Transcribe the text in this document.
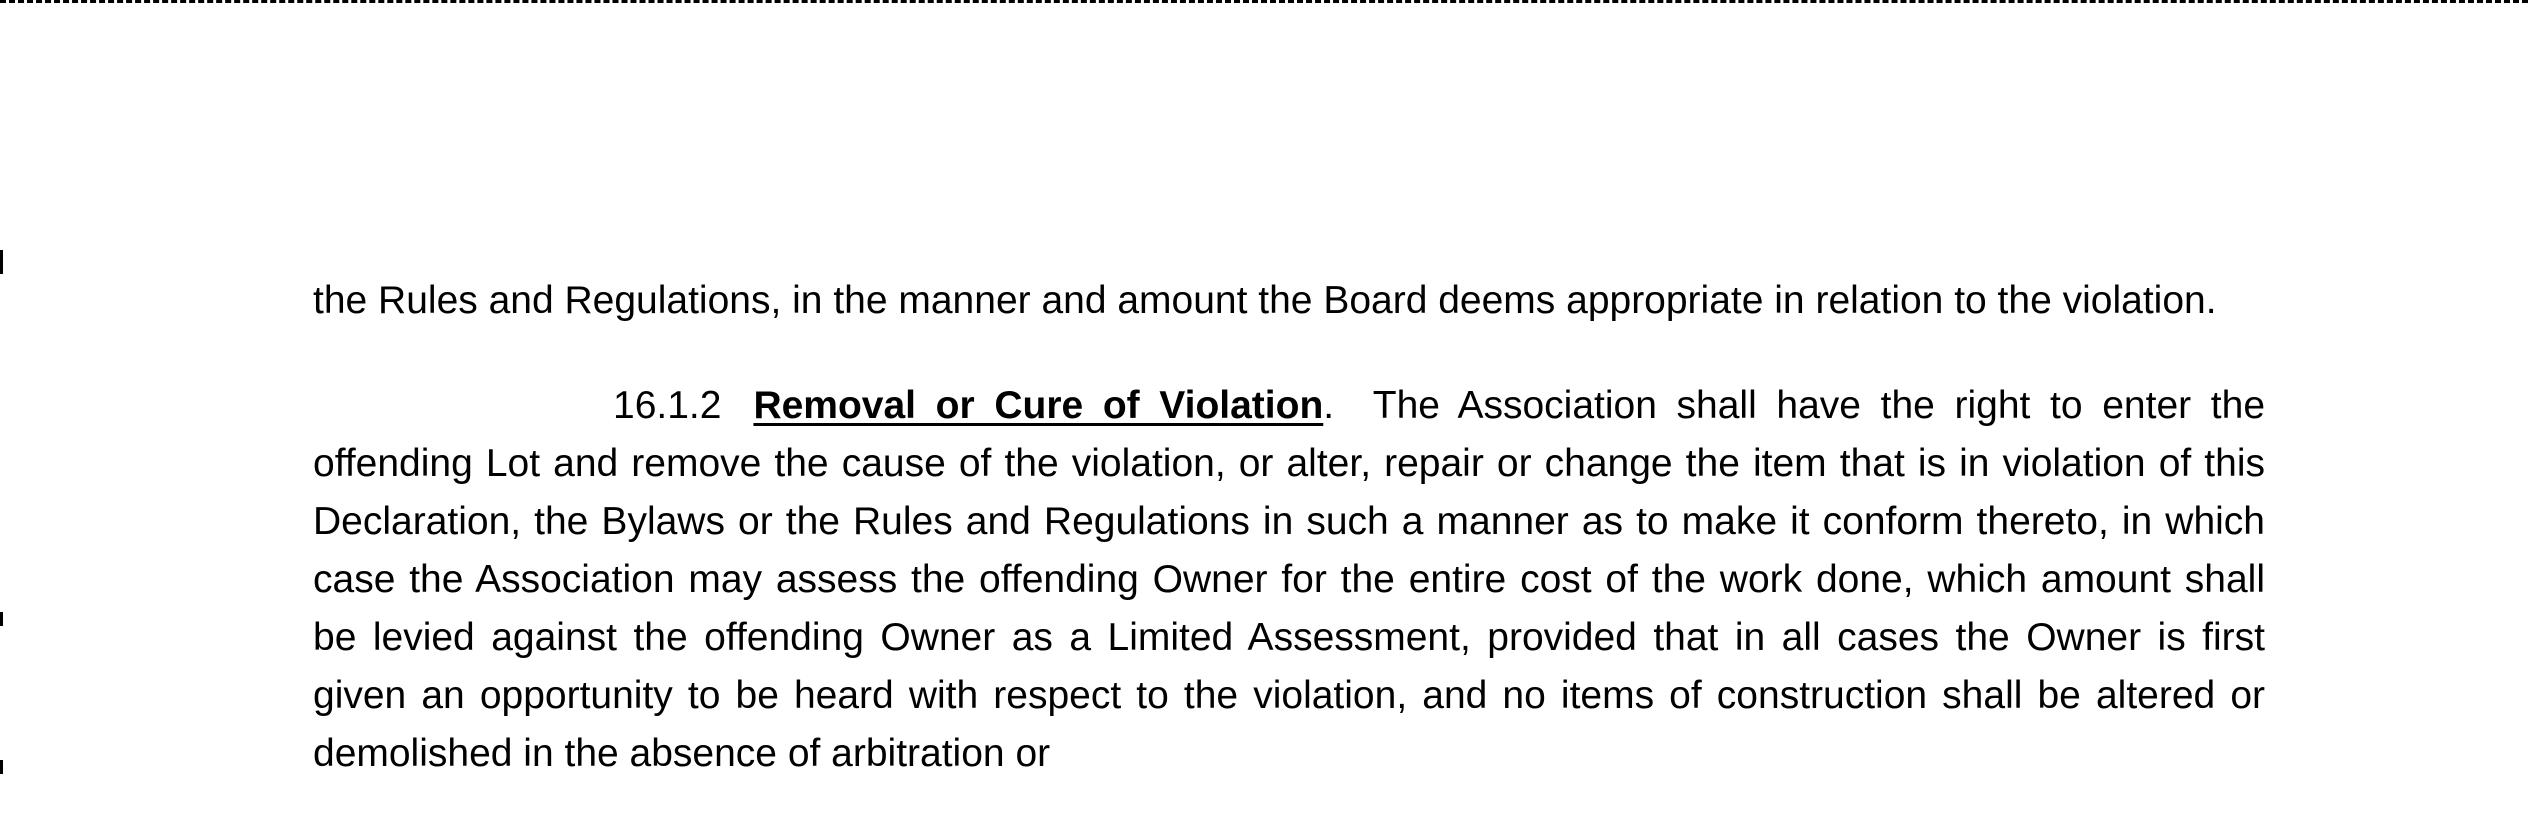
the Rules and Regulations, in the manner and amount the Board deems appropriate in relation to the violation.

16.1.2 Removal or Cure of Violation. The Association shall have the right to enter the offending Lot and remove the cause of the violation, or alter, repair or change the item that is in violation of this Declaration, the Bylaws or the Rules and Regulations in such a manner as to make it conform thereto, in which case the Association may assess the offending Owner for the entire cost of the work done, which amount shall be levied against the offending Owner as a Limited Assessment, provided that in all cases the Owner is first given an opportunity to be heard with respect to the violation, and no items of construction shall be altered or demolished in the absence of arbitration or
